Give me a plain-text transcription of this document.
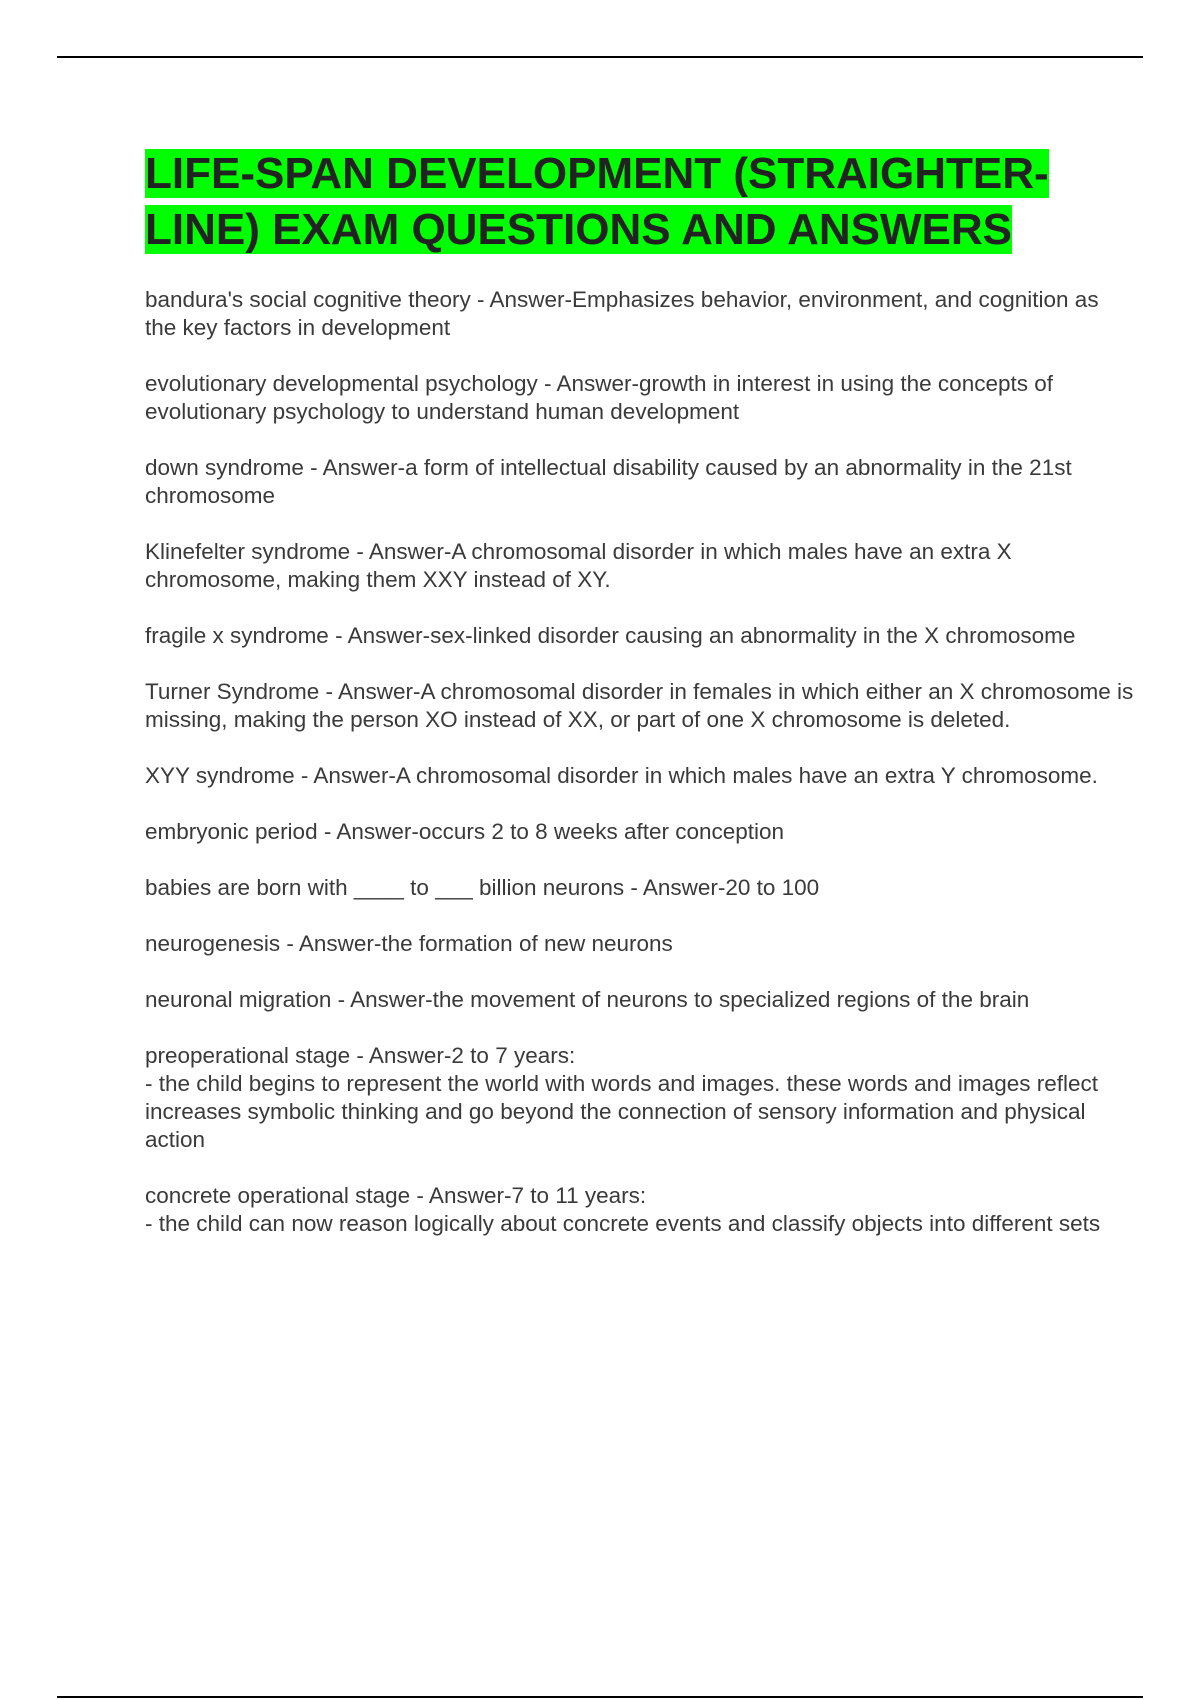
LIFE-SPAN DEVELOPMENT (STRAIGHTER-LINE) EXAM QUESTIONS AND ANSWERS

bandura's social cognitive theory - Answer-Emphasizes behavior, environment, and cognition as the key factors in development

evolutionary developmental psychology - Answer-growth in interest in using the concepts of evolutionary psychology to understand human development

down syndrome - Answer-a form of intellectual disability caused by an abnormality in the 21st chromosome

Klinefelter syndrome - Answer-A chromosomal disorder in which males have an extra X chromosome, making them XXY instead of XY.

fragile x syndrome - Answer-sex-linked disorder causing an abnormality in the X chromosome

Turner Syndrome - Answer-A chromosomal disorder in females in which either an X chromosome is missing, making the person XO instead of XX, or part of one X chromosome is deleted.

XYY syndrome - Answer-A chromosomal disorder in which males have an extra Y chromosome.

embryonic period - Answer-occurs 2 to 8 weeks after conception

babies are born with ____ to ___ billion neurons - Answer-20 to 100

neurogenesis - Answer-the formation of new neurons

neuronal migration - Answer-the movement of neurons to specialized regions of the brain

preoperational stage - Answer-2 to 7 years:
- the child begins to represent the world with words and images. these words and images reflect increases symbolic thinking and go beyond the connection of sensory information and physical action

concrete operational stage - Answer-7 to 11 years:
- the child can now reason logically about concrete events and classify objects into different sets
